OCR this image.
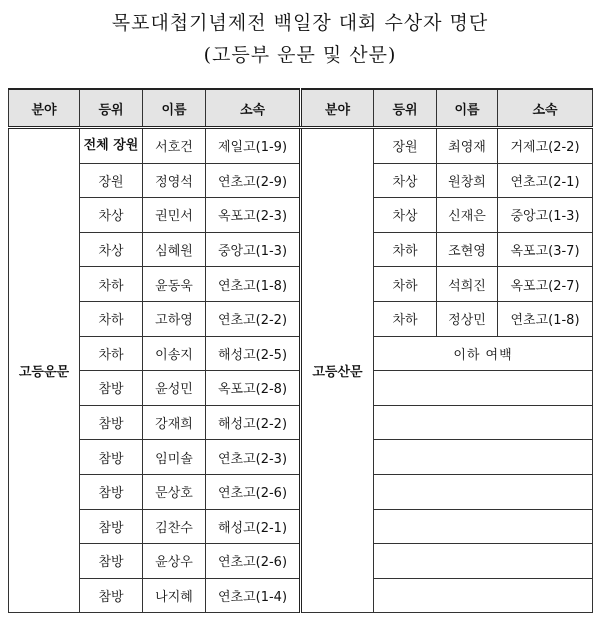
목포대첩기념제전 백일장 대회 수상자 명단
(고등부 운문 및 산문)
분야	등위	이름	소속	분야	등위	이름	소속
고등운문	전체 장원	서호건	제일고(1-9)	고등산문	장원	최영재	거제고(2-2)
	장원	정영석	연초고(2-9)		차상	원창희	연초고(2-1)
	차상	권민서	옥포고(2-3)		차상	신재은	중앙고(1-3)
	차상	심혜원	중앙고(1-3)		차하	조현영	옥포고(3-7)
	차하	윤동욱	연초고(1-8)		차하	석희진	옥포고(2-7)
	차하	고하영	연초고(2-2)		차하	정상민	연초고(1-8)
	차하	이송지	해성고(2-5)		이하 여백		
	참방	윤성민	옥포고(2-8)				
	참방	강재희	해성고(2-2)				
	참방	임미솔	연초고(2-3)				
	참방	문상호	연초고(2-6)				
	참방	김찬수	해성고(2-1)				
	참방	윤상우	연초고(2-6)				
	참방	나지혜	연초고(1-4)				
